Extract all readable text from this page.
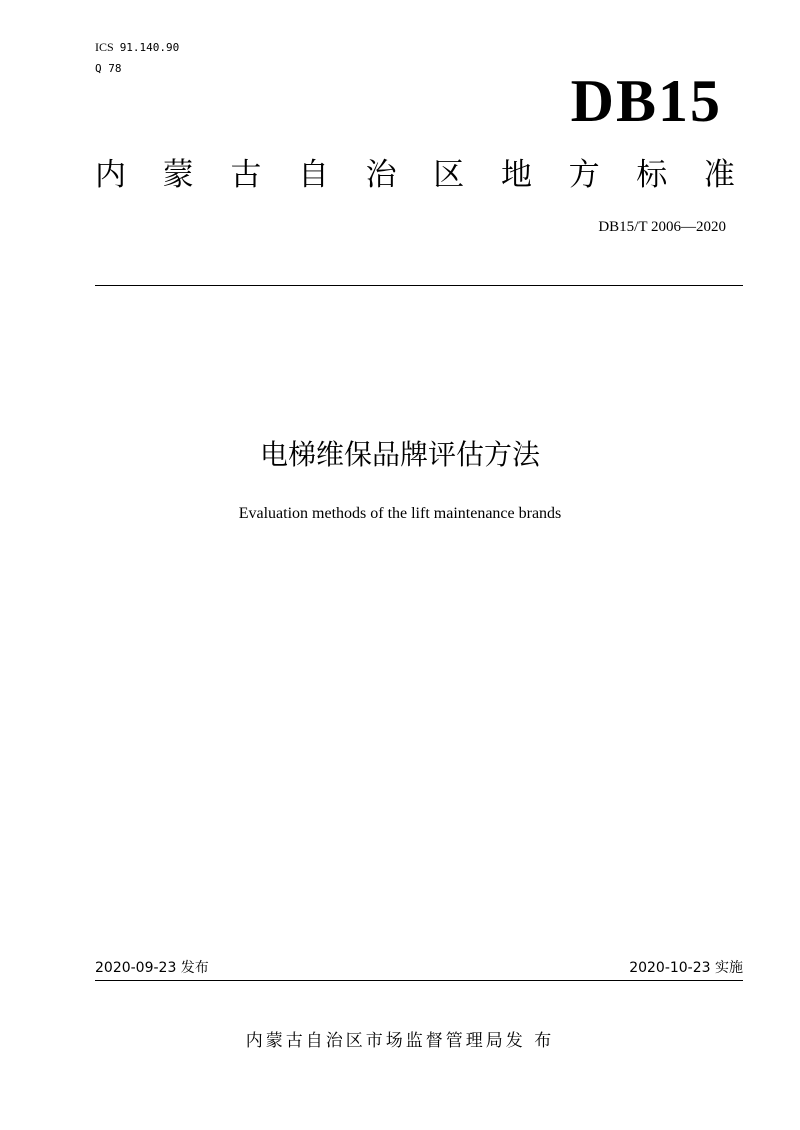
ICS 91.140.90
Q 78	DB15
内 蒙 古 自 治 区 地 方 标 准
DB15/T 2006—2020
电梯维保品牌评估方法
Evaluation methods of the lift maintenance brands
2020-09-23 发布	2020-10-23 实施
内蒙古自治区市场监督管理局发 布
